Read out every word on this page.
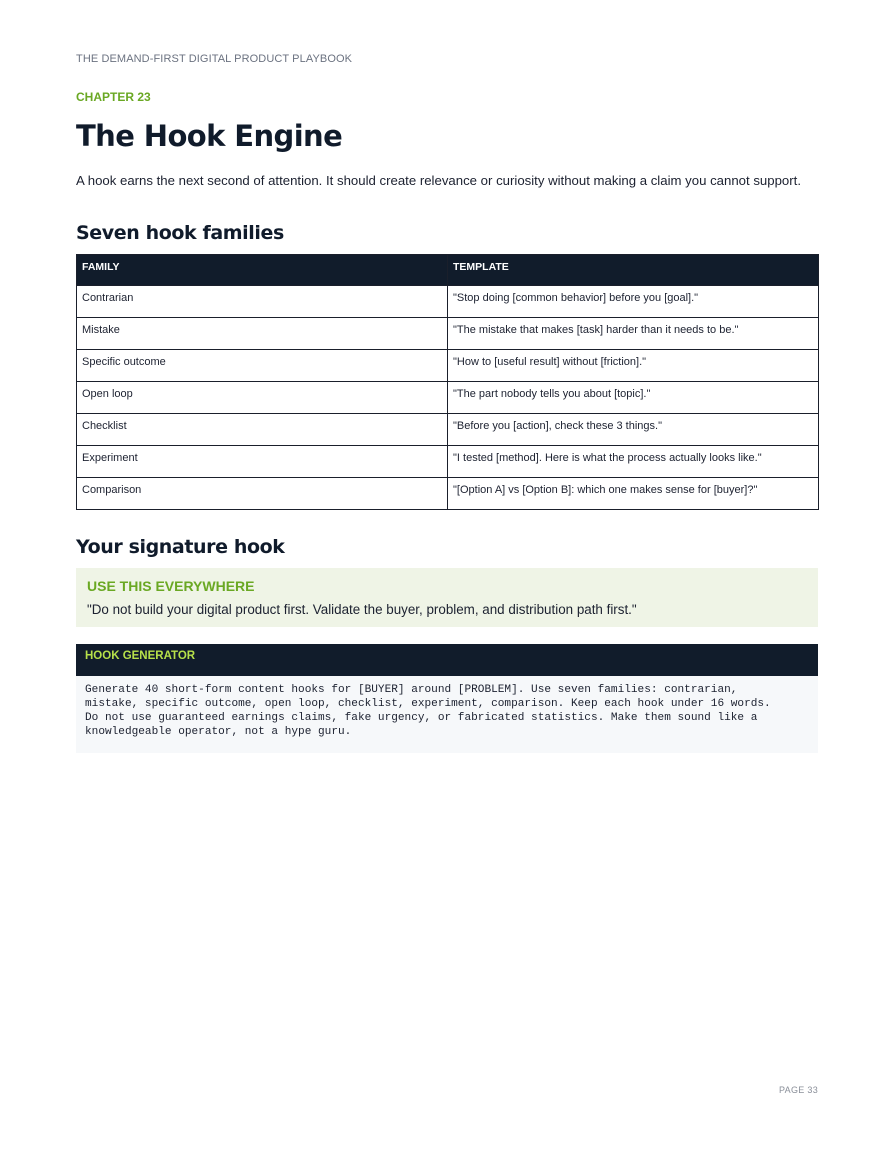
THE DEMAND-FIRST DIGITAL PRODUCT PLAYBOOK
CHAPTER 23
The Hook Engine

A hook earns the next second of attention. It should create relevance or curiosity without making a claim you cannot support.

Seven hook families
FAMILY	TEMPLATE
Contrarian	"Stop doing [common behavior] before you [goal]."
Mistake	"The mistake that makes [task] harder than it needs to be."
Specific outcome	"How to [useful result] without [friction]."
Open loop	"The part nobody tells you about [topic]."
Checklist	"Before you [action], check these 3 things."
Experiment	"I tested [method]. Here is what the process actually looks like."
Comparison	"[Option A] vs [Option B]: which one makes sense for [buyer]?"
Your signature hook
USE THIS EVERYWHERE
"Do not build your digital product first. Validate the buyer, problem, and distribution path first."
HOOK GENERATOR
Generate 40 short-form content hooks for [BUYER] around [PROBLEM]. Use seven families: contrarian,
mistake, specific outcome, open loop, checklist, experiment, comparison. Keep each hook under 16 words.
Do not use guaranteed earnings claims, fake urgency, or fabricated statistics. Make them sound like a
knowledgeable operator, not a hype guru.
PAGE 33
